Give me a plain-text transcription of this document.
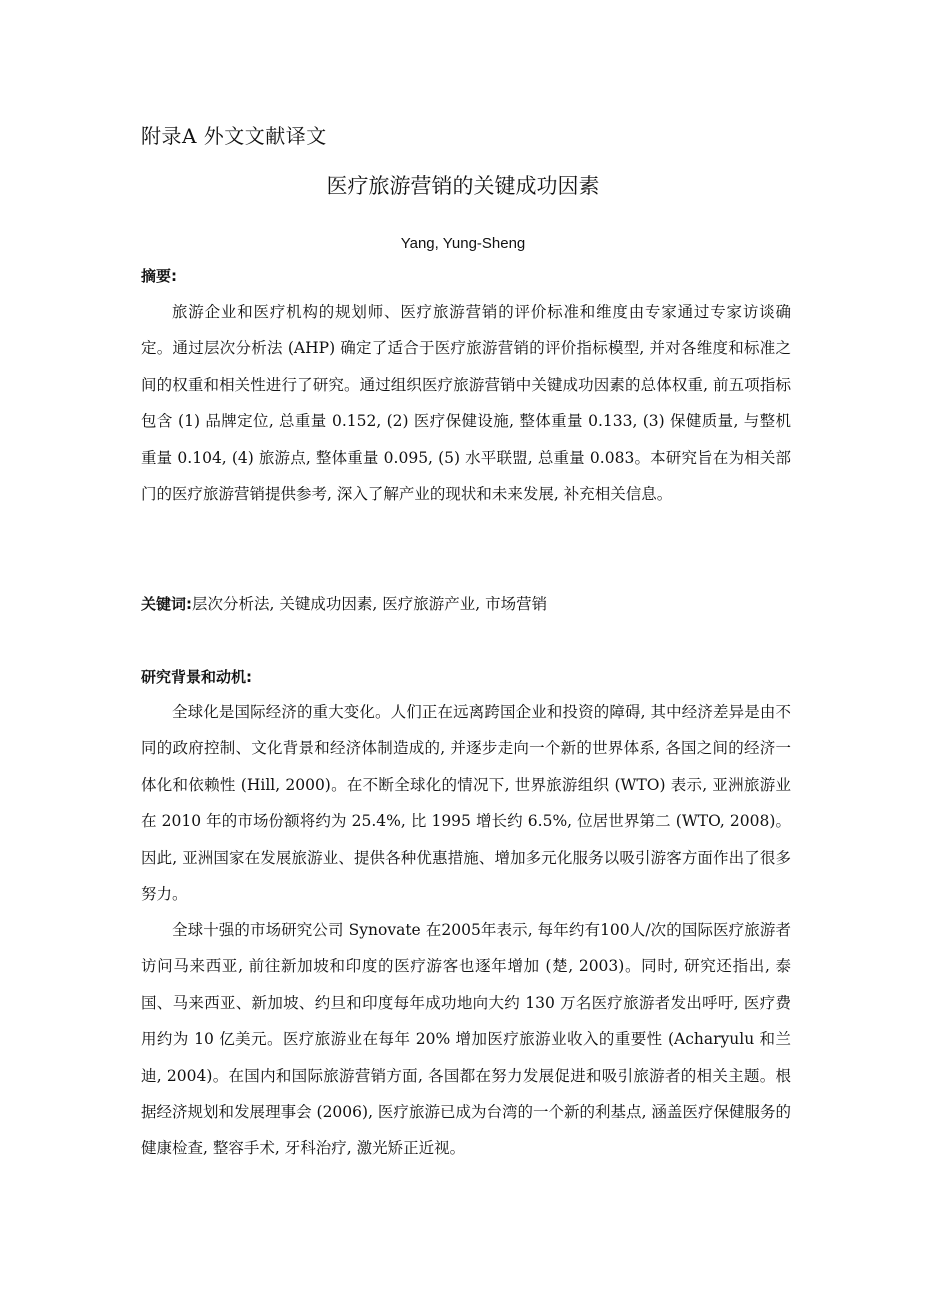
附录A 外文文献译文
医疗旅游营销的关键成功因素
Yang, Yung-Sheng
摘要:
旅游企业和医疗机构的规划师、医疗旅游营销的评价标准和维度由专家通过专家访谈确定。通过层次分析法 (AHP) 确定了适合于医疗旅游营销的评价指标模型, 并对各维度和标准之间的权重和相关性进行了研究。通过组织医疗旅游营销中关键成功因素的总体权重, 前五项指标包含 (1) 品牌定位, 总重量 0.152, (2) 医疗保健设施, 整体重量 0.133, (3) 保健质量, 与整机重量 0.104, (4) 旅游点, 整体重量 0.095, (5) 水平联盟, 总重量 0.083。本研究旨在为相关部门的医疗旅游营销提供参考, 深入了解产业的现状和未来发展, 补充相关信息。
关键词:层次分析法, 关键成功因素, 医疗旅游产业, 市场营销
研究背景和动机:
全球化是国际经济的重大变化。人们正在远离跨国企业和投资的障碍, 其中经济差异是由不同的政府控制、文化背景和经济体制造成的, 并逐步走向一个新的世界体系, 各国之间的经济一体化和依赖性 (Hill, 2000)。在不断全球化的情况下, 世界旅游组织 (WTO) 表示, 亚洲旅游业在 2010 年的市场份额将约为 25.4%, 比 1995 增长约 6.5%, 位居世界第二 (WTO, 2008)。因此, 亚洲国家在发展旅游业、提供各种优惠措施、增加多元化服务以吸引游客方面作出了很多努力。
全球十强的市场研究公司 Synovate 在2005年表示, 每年约有100人/次的国际医疗旅游者访问马来西亚, 前往新加坡和印度的医疗游客也逐年增加 (楚, 2003)。同时, 研究还指出, 泰国、马来西亚、新加坡、约旦和印度每年成功地向大约 130 万名医疗旅游者发出呼吁, 医疗费用约为 10 亿美元。医疗旅游业在每年 20% 增加医疗旅游业收入的重要性 (Acharyulu 和兰迪, 2004)。在国内和国际旅游营销方面, 各国都在努力发展促进和吸引旅游者的相关主题。根据经济规划和发展理事会 (2006), 医疗旅游已成为台湾的一个新的利基点, 涵盖医疗保健服务的健康检查, 整容手术, 牙科治疗, 激光矫正近视。
